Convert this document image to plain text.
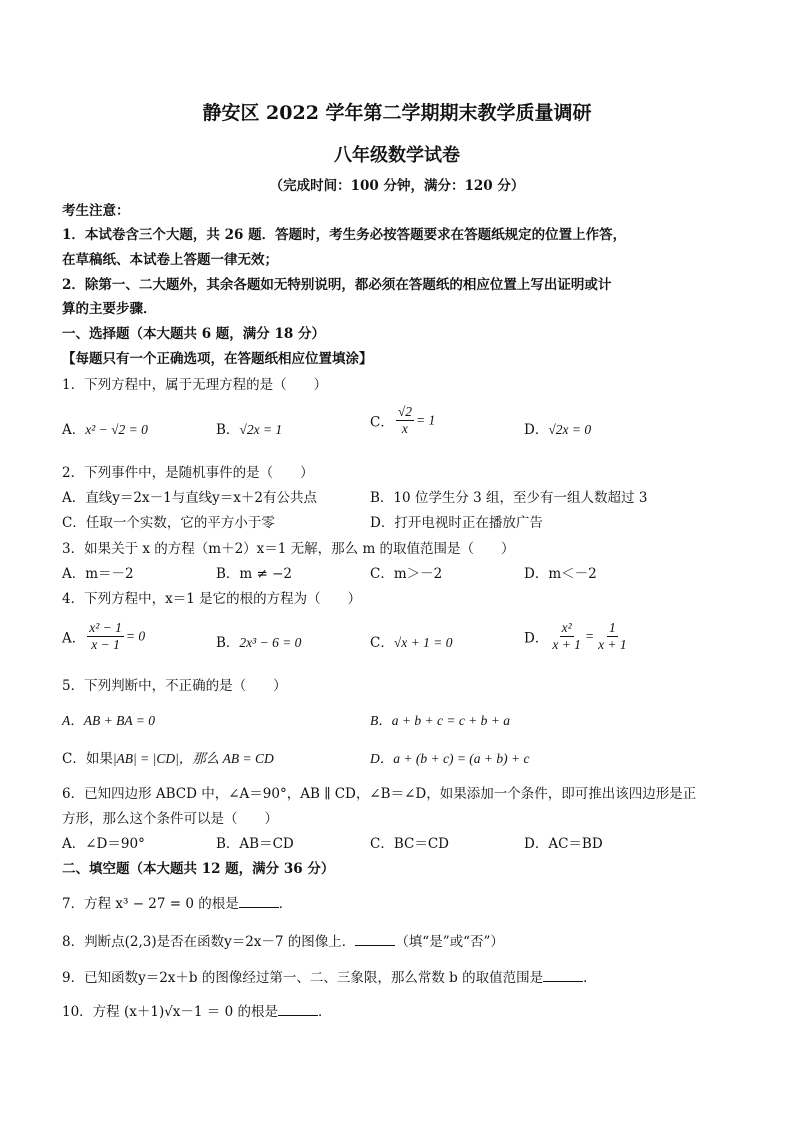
静安区 2022 学年第二学期期末教学质量调研
八年级数学试卷
（完成时间：100 分钟，满分：120 分）
考生注意：
1．本试卷含三个大题，共 26 题．答题时，考生务必按答题要求在答题纸规定的位置上作答，
在草稿纸、本试卷上答题一律无效；
2．除第一、二大题外，其余各题如无特别说明，都必须在答题纸的相应位置上写出证明或计
算的主要步骤．
一、选择题（本大题共 6 题，满分 18 分）
【每题只有一个正确选项，在答题纸相应位置填涂】
1．下列方程中，属于无理方程的是（　　）
A．x² − √2 = 0	B．√2x = 1	C． $\frac{√2}{x} = 1$
D．√2x = 0
2．下列事件中，是随机事件的是（　　）
A．直线y＝2x－1与直线y＝x＋2有公共点	B．10 位学生分 3 组，至少有一组人数超过 3
C．任取一个实数，它的平方小于零	D．打开电视时正在播放广告
3．如果关于 x 的方程（m＋2）x＝1 无解，那么 m 的取值范围是（　　）
A．m＝－2	B．m ≠ −2	C．m＞－2	D．m＜－2
4．下列方程中，x＝1 是它的根的方程为（　　）
A． $\frac{\text{x² − 1}}{x - 1} = 0$	B．2x³ − 6 = 0	C．√x + 1 = 0	D． $\frac{\text{x²}}{x + 1} = \frac{1}{x + 1}$
5．下列判断中，不正确的是（　　）
A．AB + BA = 0	B．a + b + c = c + b + a
C．如果|AB| = |CD|，那么 AB = CD	D．a + (b + c) = (a + b) + c
6．已知四边形 ABCD 中，∠A＝90°，AB ∥ CD，∠B＝∠D，如果添加一个条件，即可推出该四边形是正
方形，那么这个条件可以是（　　）
A．∠D＝90°	B．AB＝CD	C．BC＝CD	D．AC＝BD
二、填空题（本大题共 12 题，满分 36 分）
7．方程 x³ − 27 = 0 的根是	．
8．判断点(2,3)是否在函数y＝2x－7 的图像上．	（填“是”或“否”）
9．已知函数y＝2x＋b 的图像经过第一、二、三象限，那么常数 b 的取值范围是	．
10．方程 (x＋1)√x－1 ＝ 0 的根是	．
